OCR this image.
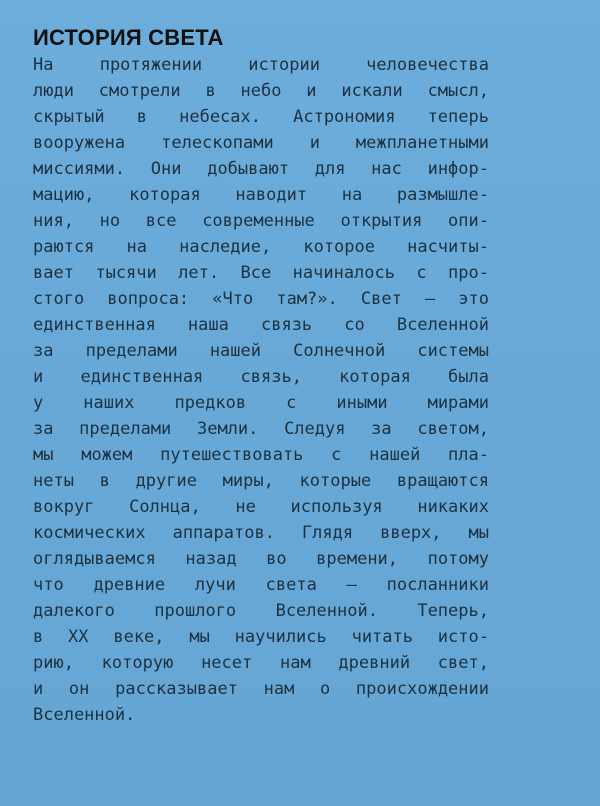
ИСТОРИЯ СВЕТА
На протяжении истории человечества
люди смотрели в небо и искали смысл,
скрытый в небесах. Астрономия теперь
вооружена телескопами и межпланетными
миссиями. Они добывают для нас инфор-
мацию, которая наводит на размышле-
ния, но все современные открытия опи-
раются на наследие, которое насчиты-
вает тысячи лет. Все начиналось с про-
стого вопроса: «Что там?». Свет – это
единственная наша связь со Вселенной
за пределами нашей Солнечной системы
и единственная связь, которая была
у наших предков с иными мирами
за пределами Земли. Следуя за светом,
мы можем путешествовать с нашей пла-
неты в другие миры, которые вращаются
вокруг Солнца, не используя никаких
космических аппаратов. Глядя вверх, мы
оглядываемся назад во времени, потому
что древние лучи света – посланники
далекого прошлого Вселенной. Теперь,
в XX веке, мы научились читать исто-
рию, которую несет нам древний свет,
и он рассказывает нам о происхождении
Вселенной.
